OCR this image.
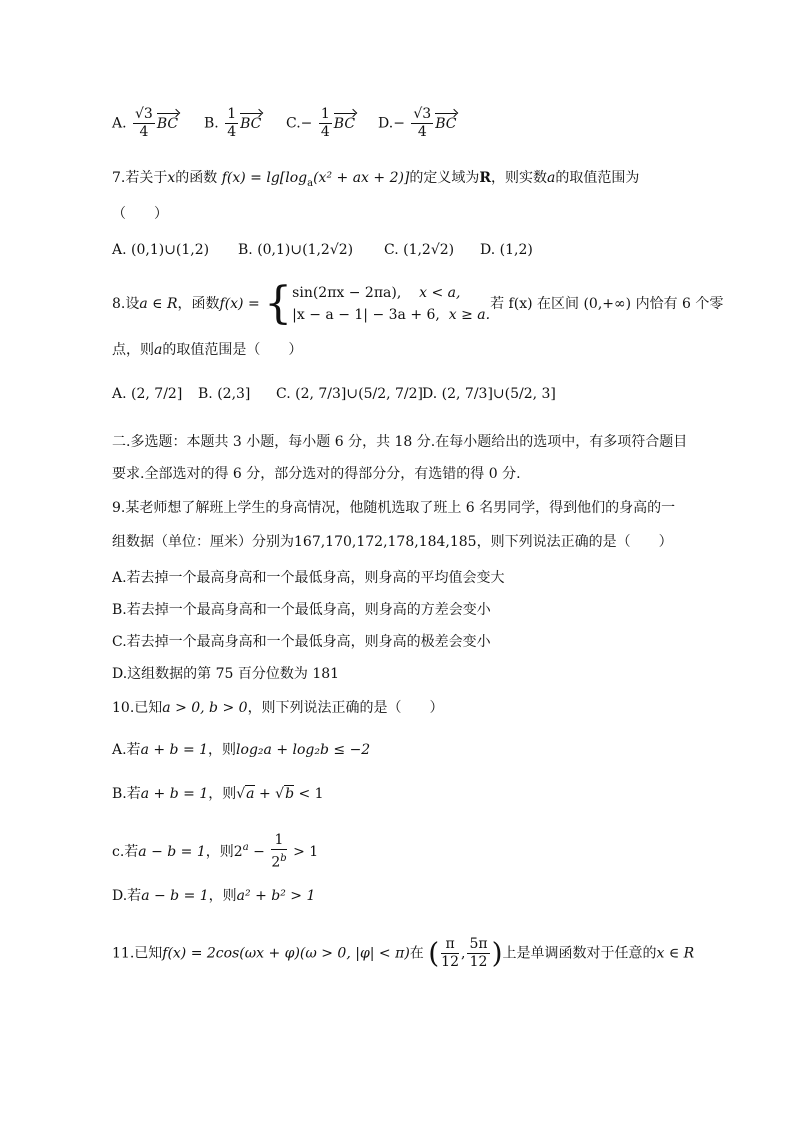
A. $\frac{√3}{4}$ BC B. $\frac{1}{4}$ BC $C.- \frac{1}{4}$ BC $D.- \frac{√3}{4}$ BC
7.若关于x的函数 $f(x) = \lg[\log_a(x^2$ + ax + 2)]的定义域为R，则实数a的取值范围为
（　　）
A. (0,1)∪(1,2) B. (0,1)∪(1,2√2) C. (1,2√2) D. (1,2)
8.设a ∈ R，函数f(x) = { sin(2πx − 2πa), x < a,
|x − a − 1| − 3a + 6, x ≥ a.
若 f(x) 在区间 (0,+∞) 内恰有 6 个零
点，则a的取值范围是（　　）
A. (2, 7/2] B. (2,3] C. (2, 7/3]∪(5/2, 7/2]
D. (2, 7/3]∪(5/2, 3]
二.多选题：本题共 3 小题，每小题 6 分，共 18 分.在每小题给出的选项中，有多项符合题目
要求.全部选对的得 6 分，部分选对的得部分分，有选错的得 0 分.
9.某老师想了解班上学生的身高情况，他随机选取了班上 6 名男同学，得到他们的身高的一
组数据（单位：厘米）分别为167,170,172,178,184,185，则下列说法正确的是（　　）
A.若去掉一个最高身高和一个最低身高，则身高的平均值会变大
B.若去掉一个最高身高和一个最低身高，则身高的方差会变小
C.若去掉一个最高身高和一个最低身高，则身高的极差会变小
D.这组数据的第 75 百分位数为 181
10.已知a > 0, b > 0，则下列说法正确的是（　　）
A.若a + b = 1，则log₂a + log₂b ≤ −2
B.若a + b = 1，则√a + √b < 1
c.若a − b = 1，则$2^a - \frac{1}{2^b} > 1$
D.若a − b = 1，则a² + b² > 1
11.已知f(x) = 2cos(ωx + φ)(ω > 0, |φ| < π)在 ( $\frac{\pi}{12}$ , $\frac{5\pi}{12}$ )上是单调函数对于任意的x ∈ R
